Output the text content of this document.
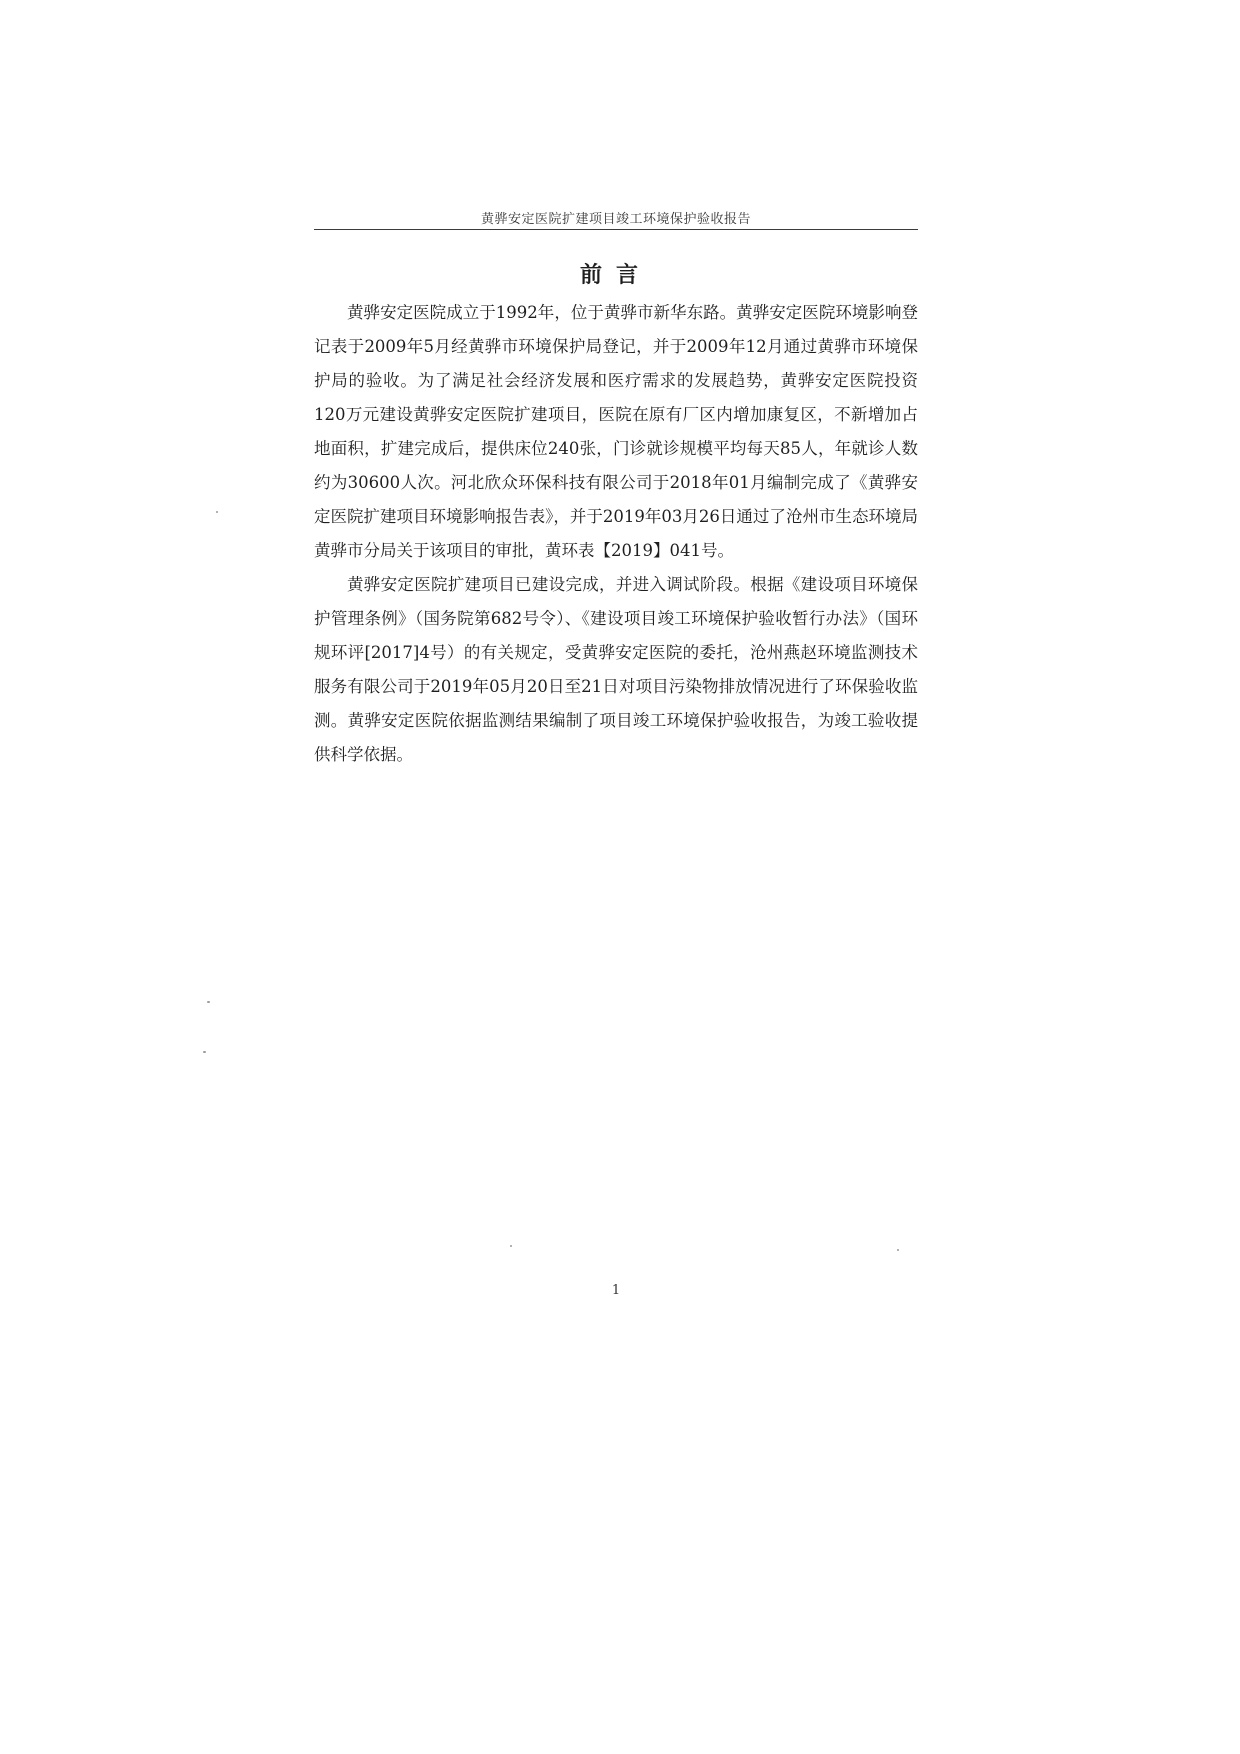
黄骅安定医院扩建项目竣工环境保护验收报告
前言

黄骅安定医院成立于1992年，位于黄骅市新华东路。黄骅安定医院环境影响登记表于2009年5月经黄骅市环境保护局登记，并于2009年12月通过黄骅市环境保护局的验收。为了满足社会经济发展和医疗需求的发展趋势，黄骅安定医院投资120万元建设黄骅安定医院扩建项目，医院在原有厂区内增加康复区，不新增加占地面积，扩建完成后，提供床位240张，门诊就诊规模平均每天85人，年就诊人数约为30600人次。河北欣众环保科技有限公司于2018年01月编制完成了《黄骅安定医院扩建项目环境影响报告表》，并于2019年03月26日通过了沧州市生态环境局黄骅市分局关于该项目的审批，黄环表【2019】041号。

黄骅安定医院扩建项目已建设完成，并进入调试阶段。根据《建设项目环境保护管理条例》（国务院第682号令）、《建设项目竣工环境保护验收暂行办法》（国环规环评[2017]4号）的有关规定，受黄骅安定医院的委托，沧州燕赵环境监测技术服务有限公司于2019年05月20日至21日对项目污染物排放情况进行了环保验收监测。黄骅安定医院依据监测结果编制了项目竣工环境保护验收报告，为竣工验收提供科学依据。

1
